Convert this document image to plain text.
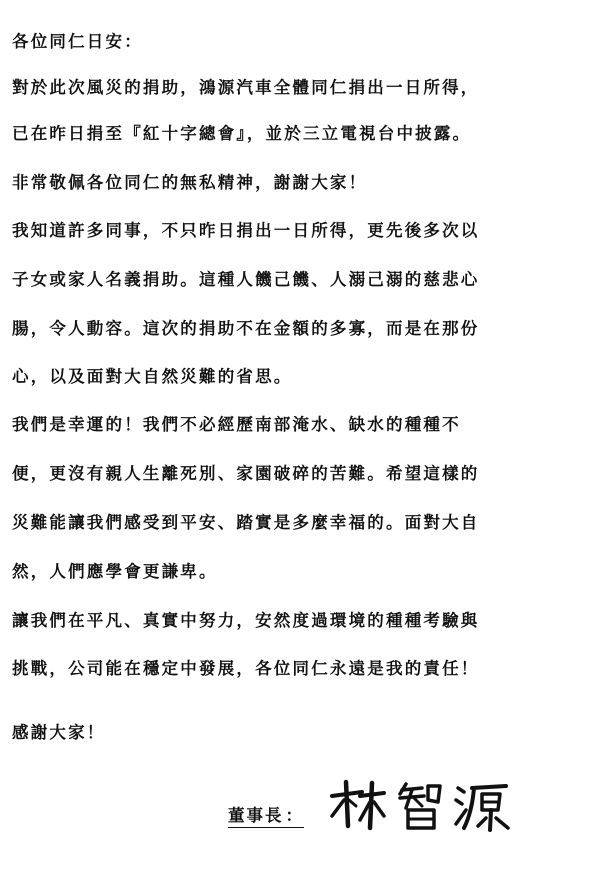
各位同仁日安：
對於此次風災的捐助，鴻源汽車全體同仁捐出一日所得，
已在昨日捐至『紅十字總會』，並於三立電視台中披露。
非常敬佩各位同仁的無私精神，謝謝大家！
我知道許多同事，不只昨日捐出一日所得，更先後多次以
子女或家人名義捐助。這種人饑己饑、人溺己溺的慈悲心
腸，令人動容。這次的捐助不在金額的多寡，而是在那份
心，以及面對大自然災難的省思。
我們是幸運的！我們不必經歷南部淹水、缺水的種種不
便，更沒有親人生離死別、家園破碎的苦難。希望這樣的
災難能讓我們感受到平安、踏實是多麼幸福的。面對大自
然，人們應學會更謙卑。
讓我們在平凡、真實中努力，安然度過環境的種種考驗與
挑戰，公司能在穩定中發展，各位同仁永遠是我的責任！
感謝大家！
董事長 ：
